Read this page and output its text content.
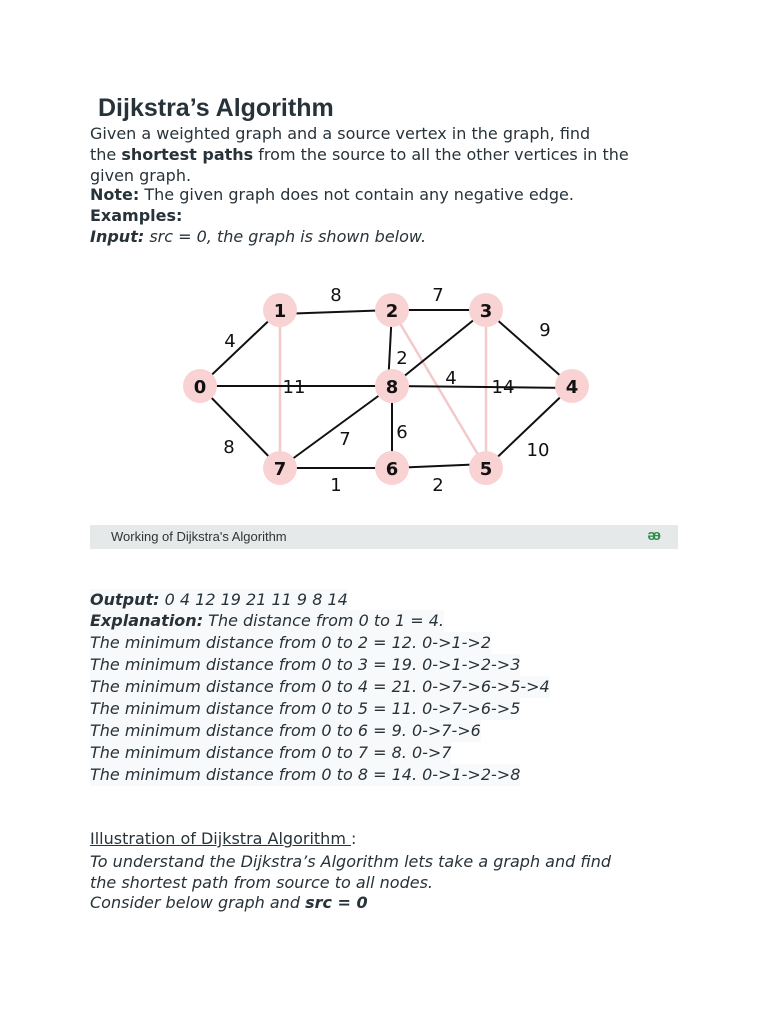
Dijkstra’s Algorithm
Given a weighted graph and a source vertex in the graph, find
the shortest paths from the source to all the other vertices in the
given graph.
Note: The given graph does not contain any negative edge.
Examples:
Input: src = 0, the graph is shown below.
0
1	2	3
4
5
6
7
8
4
8	7
9
10
2
1
8
11
2
7	6
4 14
Working of Dijkstra's Algorithm	əɘ
Output: 0 4 12 19 21 11 9 8 14
Explanation: The distance from 0 to 1 = 4.
The minimum distance from 0 to 2 = 12. 0->1->2
The minimum distance from 0 to 3 = 19. 0->1->2->3
The minimum distance from 0 to 4 = 21. 0->7->6->5->4
The minimum distance from 0 to 5 = 11. 0->7->6->5
The minimum distance from 0 to 6 = 9. 0->7->6
The minimum distance from 0 to 7 = 8. 0->7
The minimum distance from 0 to 8 = 14. 0->1->2->8
Illustration of Dijkstra Algorithm :
To understand the Dijkstra’s Algorithm lets take a graph and find
the shortest path from source to all nodes.
Consider below graph and src = 0
